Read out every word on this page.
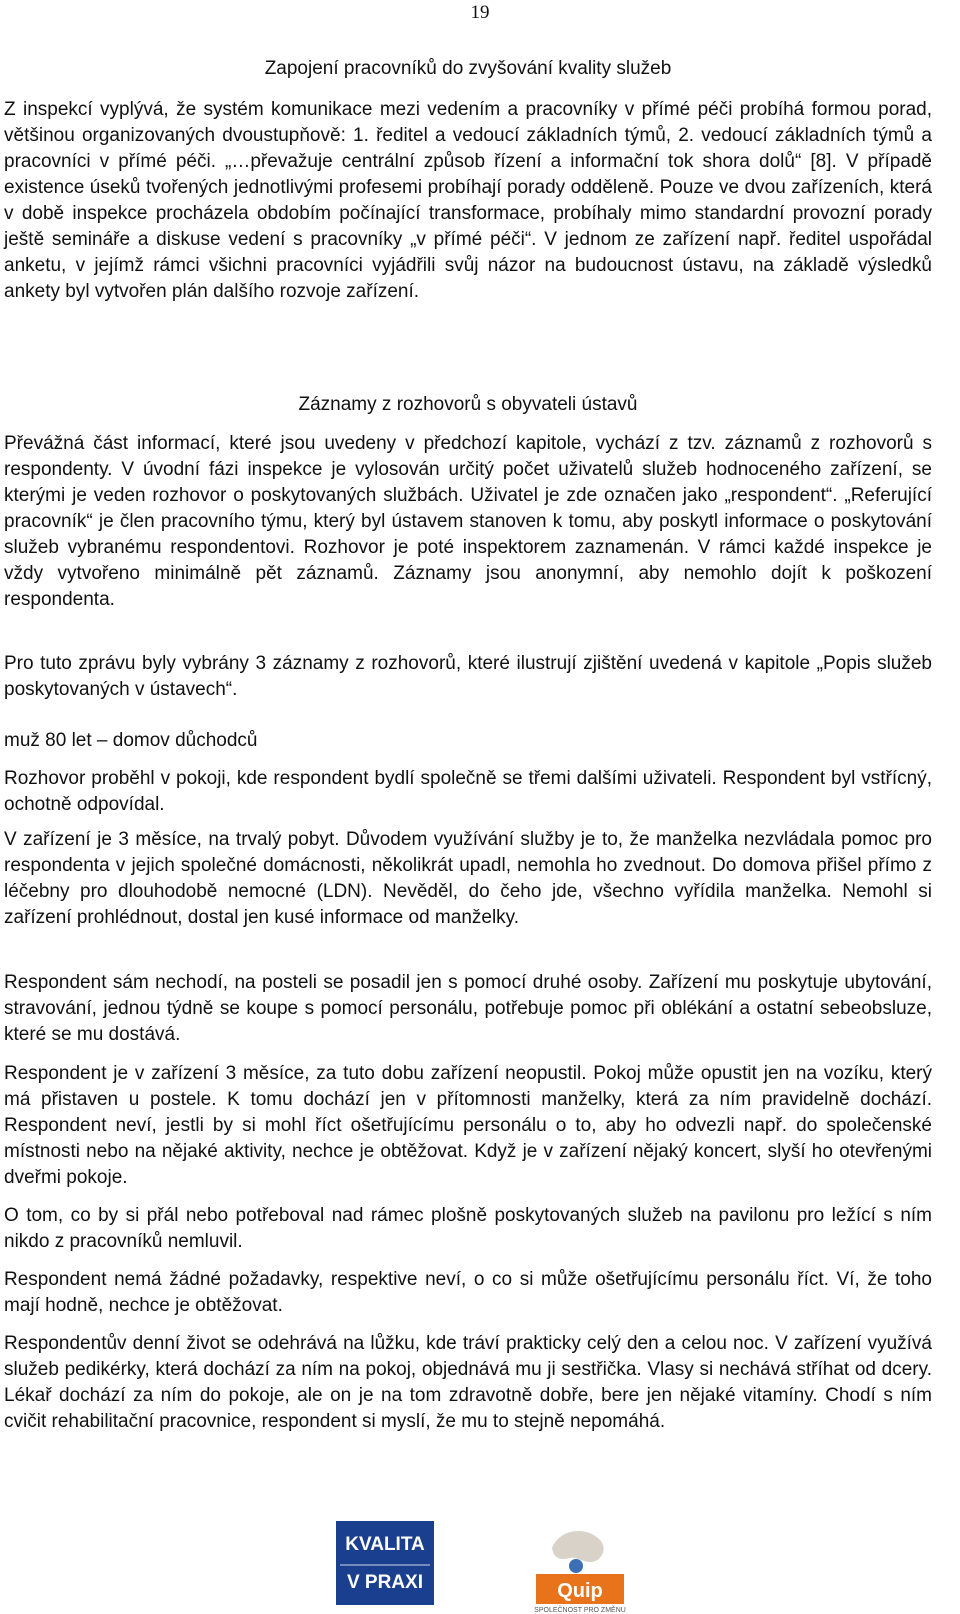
19
Zapojení pracovníků do zvyšování kvality služeb

Z inspekcí vyplývá, že systém komunikace mezi vedením a pracovníky v přímé péči probíhá formou porad, většinou organizovaných dvoustupňově: 1. ředitel a vedoucí základních týmů, 2. vedoucí základních týmů a pracovníci v přímé péči. „…převažuje centrální způsob řízení a informační tok shora dolů“ [8]. V případě existence úseků tvořených jednotlivými profesemi probíhají porady odděleně. Pouze ve dvou zařízeních, která v době inspekce procházela obdobím počínající transformace, probíhaly mimo standardní provozní porady ještě semináře a diskuse vedení s pracovníky „v přímé péči“. V jednom ze zařízení např. ředitel uspořádal anketu, v jejímž rámci všichni pracovníci vyjádřili svůj názor na budoucnost ústavu, na základě výsledků ankety byl vytvořen plán dalšího rozvoje zařízení.

Záznamy z rozhovorů s obyvateli ústavů

Převážná část informací, které jsou uvedeny v předchozí kapitole, vychází z tzv. záznamů z rozhovorů s respondenty. V úvodní fázi inspekce je vylosován určitý počet uživatelů služeb hodnoceného zařízení, se kterými je veden rozhovor o poskytovaných službách. Uživatel je zde označen jako „respondent“. „Referující pracovník“ je člen pracovního týmu, který byl ústavem stanoven k tomu, aby poskytl informace o poskytování služeb vybranému respondentovi. Rozhovor je poté inspektorem zaznamenán. V rámci každé inspekce je vždy vytvořeno minimálně pět záznamů. Záznamy jsou anonymní, aby nemohlo dojít k poškození respondenta.

Pro tuto zprávu byly vybrány 3 záznamy z rozhovorů, které ilustrují zjištění uvedená v kapitole „Popis služeb poskytovaných v ústavech“.

muž 80 let – domov důchodců

Rozhovor proběhl v pokoji, kde respondent bydlí společně se třemi dalšími uživateli. Respondent byl vstřícný, ochotně odpovídal.

V zařízení je 3 měsíce, na trvalý pobyt. Důvodem využívání služby je to, že manželka nezvládala pomoc pro respondenta v jejich společné domácnosti, několikrát upadl, nemohla ho zvednout. Do domova přišel přímo z léčebny pro dlouhodobě nemocné (LDN). Nevěděl, do čeho jde, všechno vyřídila manželka. Nemohl si zařízení prohlédnout, dostal jen kusé informace od manželky.

Respondent sám nechodí, na posteli se posadil jen s pomocí druhé osoby. Zařízení mu poskytuje ubytování, stravování, jednou týdně se koupe s pomocí personálu, potřebuje pomoc při oblékání a ostatní sebeobsluze, které se mu dostává.

Respondent je v zařízení 3 měsíce, za tuto dobu zařízení neopustil. Pokoj může opustit jen na vozíku, který má přistaven u postele. K tomu dochází jen v přítomnosti manželky, která za ním pravidelně dochází. Respondent neví, jestli by si mohl říct ošetřujícímu personálu o to, aby ho odvezli např. do společenské místnosti nebo na nějaké aktivity, nechce je obtěžovat. Když je v zařízení nějaký koncert, slyší ho otevřenými dveřmi pokoje.

O tom, co by si přál nebo potřeboval nad rámec plošně poskytovaných služeb na pavilonu pro ležící s ním nikdo z pracovníků nemluvil.

Respondent nemá žádné požadavky, respektive neví, o co si může ošetřujícímu personálu říct. Ví, že toho mají hodně, nechce je obtěžovat.

Respondentův denní život se odehrává na lůžku, kde tráví prakticky celý den a celou noc. V zařízení využívá služeb pedikérky, která dochází za ním na pokoj, objednává mu ji sestřička. Vlasy si nechává stříhat od dcery. Lékař dochází za ním do pokoje, ale on je na tom zdravotně dobře, bere jen nějaké vitamíny. Chodí s ním cvičit rehabilitační pracovnice, respondent si myslí, že mu to stejně nepomáhá.

KVALITA
V PRAXI	Quip
SPOLEČNOST PRO ZMĚNU
